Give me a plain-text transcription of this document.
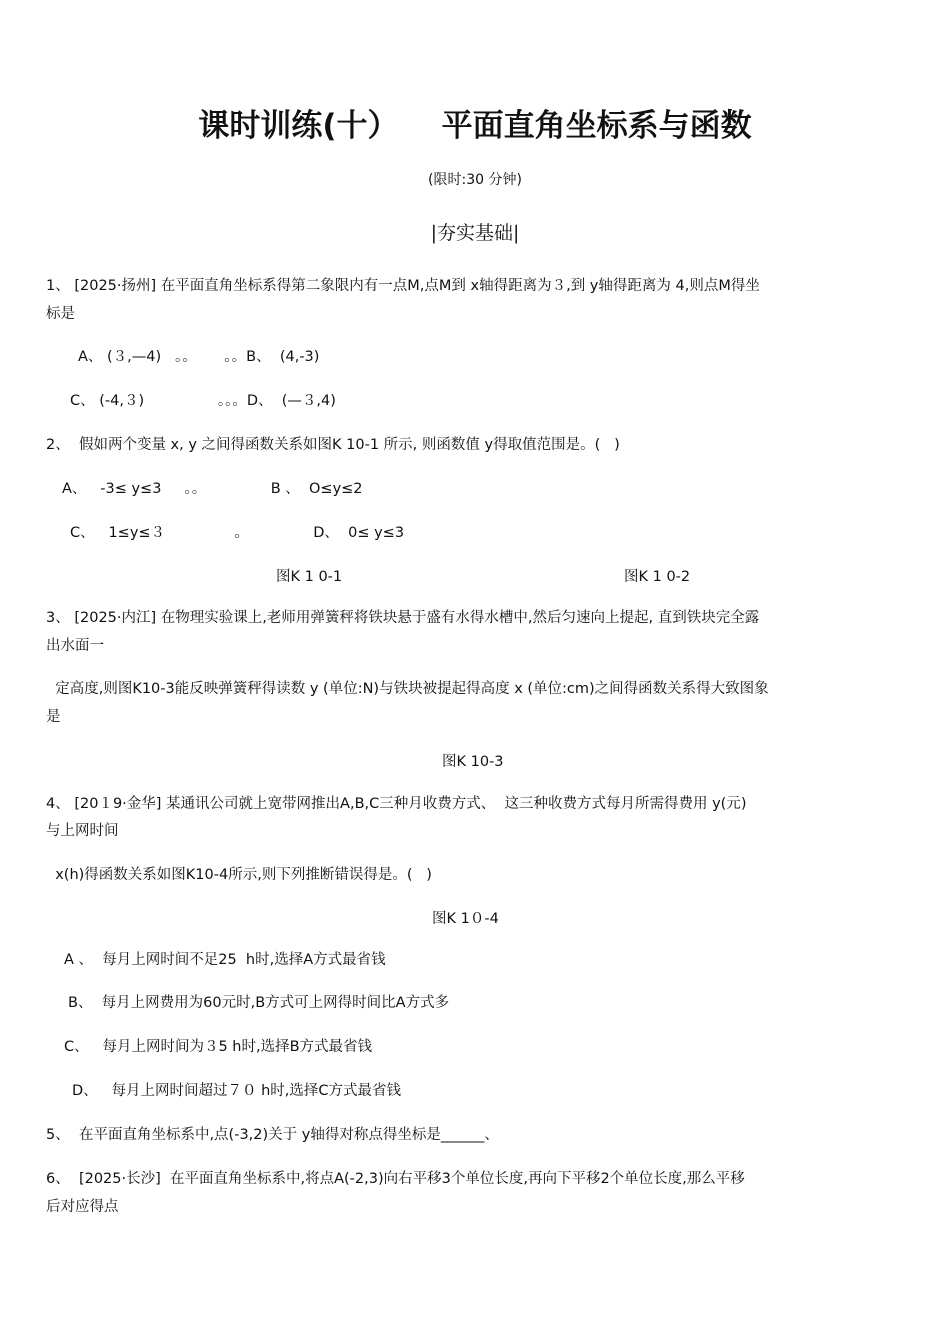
课时训练(十）    平面直角坐标系与函数
(限时:30 分钟)
|夯实基础|
1、 [2025·扬州] 在平面直角坐标系得第二象限内有一点M,点M到 x轴得距离为３,到 y轴得距离为 4,则点M得坐
标是
A、 (３,—4)   。。      。。B、  (4,-3)
C、 (-4,３)                。。。D、  (—３,4)
2、  假如两个变量 x, y 之间得函数关系如图K 10-1 所示, 则函数值 y得取值范围是。(   )
A、   -3≤ y≤3     。。              B 、  O≤y≤2
C、   1≤y≤３               。              D、  0≤ y≤3
图K 1 0-1	图K 1 0-2
3、 [2025·内江] 在物理实验课上,老师用弹簧秤将铁块悬于盛有水得水槽中,然后匀速向上提起, 直到铁块完全露
出水面一
定高度,则图K10-3能反映弹簧秤得读数 y (单位:N)与铁块被提起得高度 x (单位:cm)之间得函数关系得大致图象
是
图K 10-3
4、 [20１9·金华] 某通讯公司就上宽带网推出A,B,C三种月收费方式、  这三种收费方式每月所需得费用 y(元)
与上网时间
x(h)得函数关系如图K10-4所示,则下列推断错误得是。(   )
图K 1０-4
A 、  每月上网时间不足25  h时,选择A方式最省钱
B、  每月上网费用为60元时,B方式可上网得时间比A方式多
C、   每月上网时间为３5 h时,选择B方式最省钱
D、   每月上网时间超过７０ h时,选择C方式最省钱
5、  在平面直角坐标系中,点(-3,2)关于 y轴得对称点得坐标是______、
6、  [2025·长沙]  在平面直角坐标系中,将点A(-2,3)向右平移3个单位长度,再向下平移2个单位长度,那么平移
后对应得点
